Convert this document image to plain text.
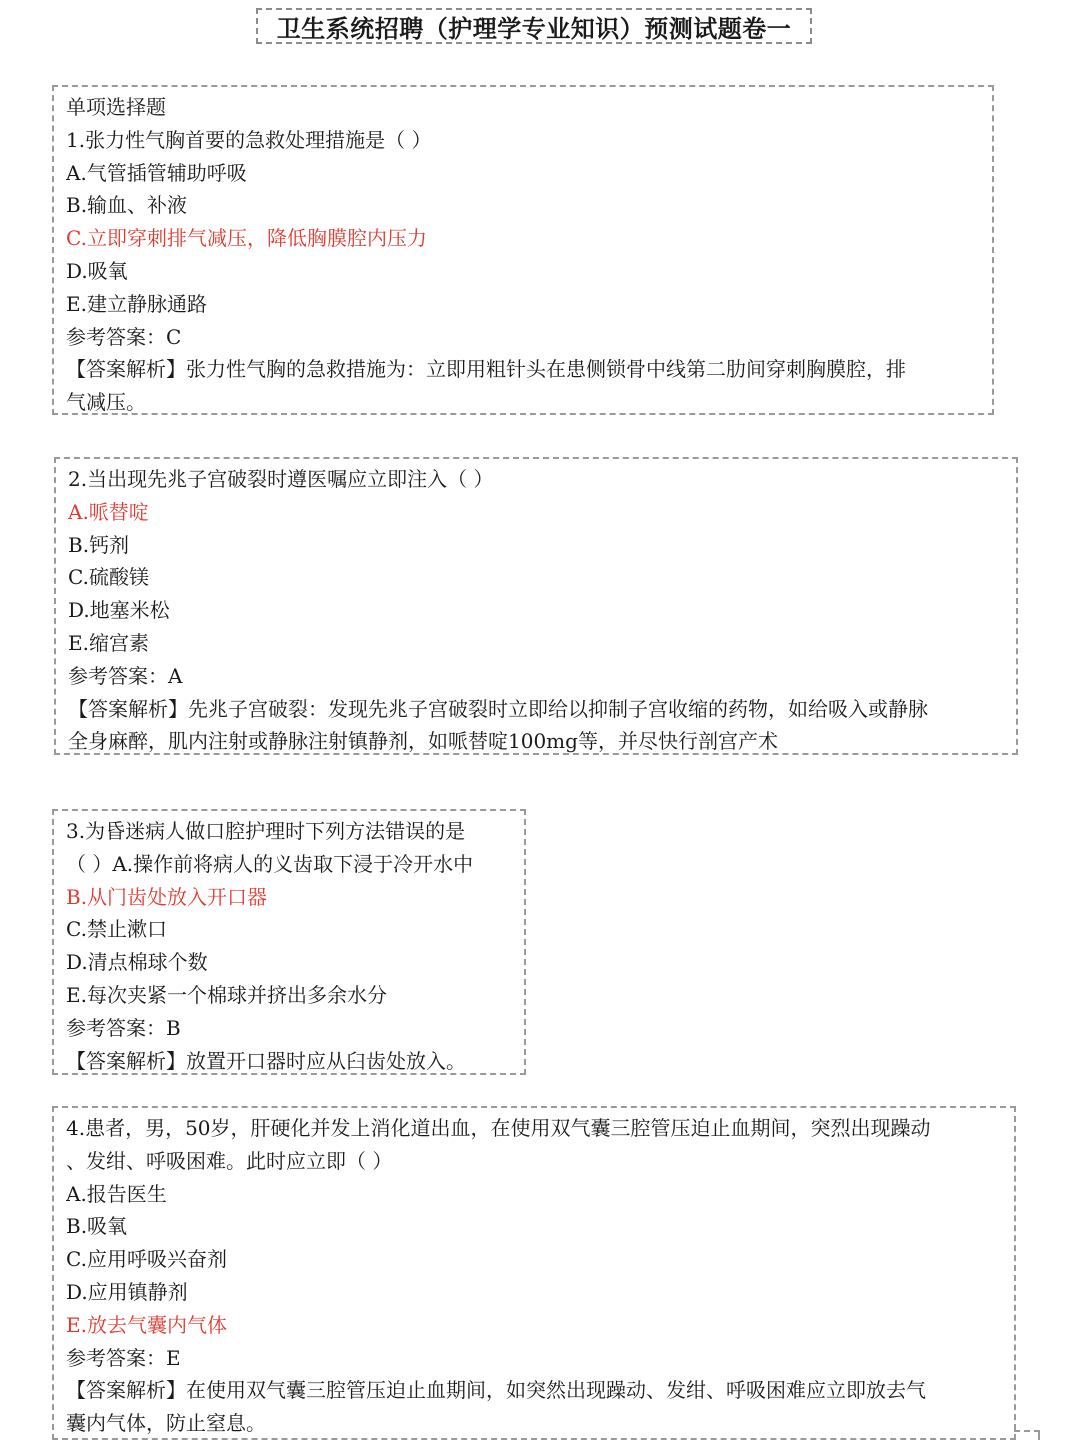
卫生系统招聘（护理学专业知识）预测试题卷一
单项选择题
1.张力性气胸首要的急救处理措施是（ ）
A.气管插管辅助呼吸
B.输血、补液
C.立即穿刺排气减压，降低胸膜腔内压力
D.吸氧
E.建立静脉通路
参考答案：C
【答案解析】张力性气胸的急救措施为：立即用粗针头在患侧锁骨中线第二肋间穿刺胸膜腔，排
气减压。
2.当出现先兆子宫破裂时遵医嘱应立即注入（ ）
A.哌替啶
B.钙剂
C.硫酸镁
D.地塞米松
E.缩宫素
参考答案：A
【答案解析】先兆子宫破裂：发现先兆子宫破裂时立即给以抑制子宫收缩的药物，如给吸入或静脉
全身麻醉，肌内注射或静脉注射镇静剂，如哌替啶100mg等，并尽快行剖宫产术
3.为昏迷病人做口腔护理时下列方法错误的是
（ ）A.操作前将病人的义齿取下浸于冷开水中
B.从门齿处放入开口器
C.禁止漱口
D.清点棉球个数
E.每次夹紧一个棉球并挤出多余水分
参考答案：B
【答案解析】放置开口器时应从臼齿处放入。
4.患者，男，50岁，肝硬化并发上消化道出血，在使用双气囊三腔管压迫止血期间，突烈出现躁动
、发绀、呼吸困难。此时应立即（ ）
A.报告医生
B.吸氧
C.应用呼吸兴奋剂
D.应用镇静剂
E.放去气囊内气体
参考答案：E
【答案解析】在使用双气囊三腔管压迫止血期间，如突然出现躁动、发绀、呼吸困难应立即放去气
囊内气体，防止窒息。
